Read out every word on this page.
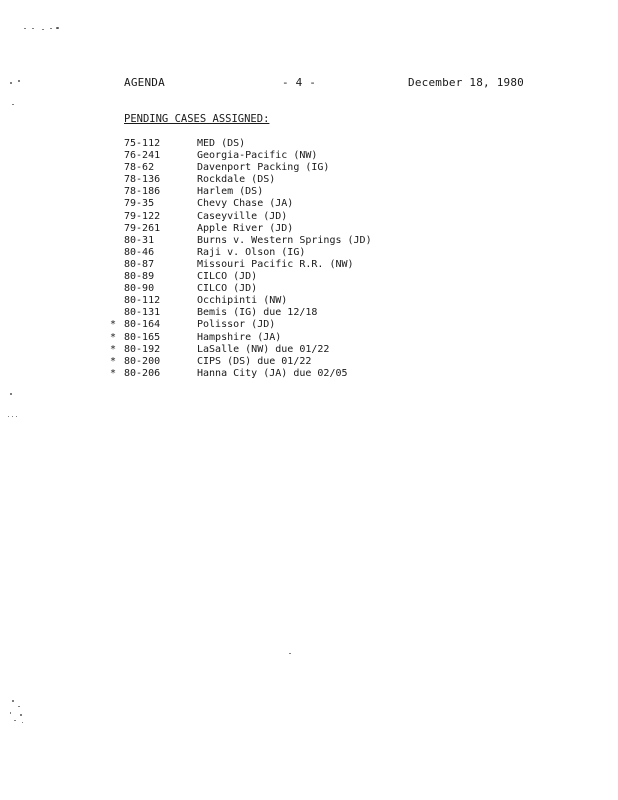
AGENDA	- 4 -	December 18, 1980
PENDING CASES ASSIGNED:
75-112	MED (DS)
76-241	Georgia-Pacific (NW)
78-62	Davenport Packing (IG)
78-136	Rockdale (DS)
78-186	Harlem (DS)
79-35	Chevy Chase (JA)
79-122	Caseyville (JD)
79-261	Apple River (JD)
80-31	Burns v. Western Springs (JD)
80-46	Raji v. Olson (IG)
80-87	Missouri Pacific R.R. (NW)
80-89	CILCO (JD)
80-90	CILCO (JD)
80-112	Occhipinti (NW)
80-131	Bemis (IG) due 12/18
* 80-164	Polissor (JD)
* 80-165	Hampshire (JA)
* 80-192	LaSalle (NW) due 01/22
* 80-200	CIPS (DS) due 01/22
* 80-206	Hanna City (JA) due 02/05
